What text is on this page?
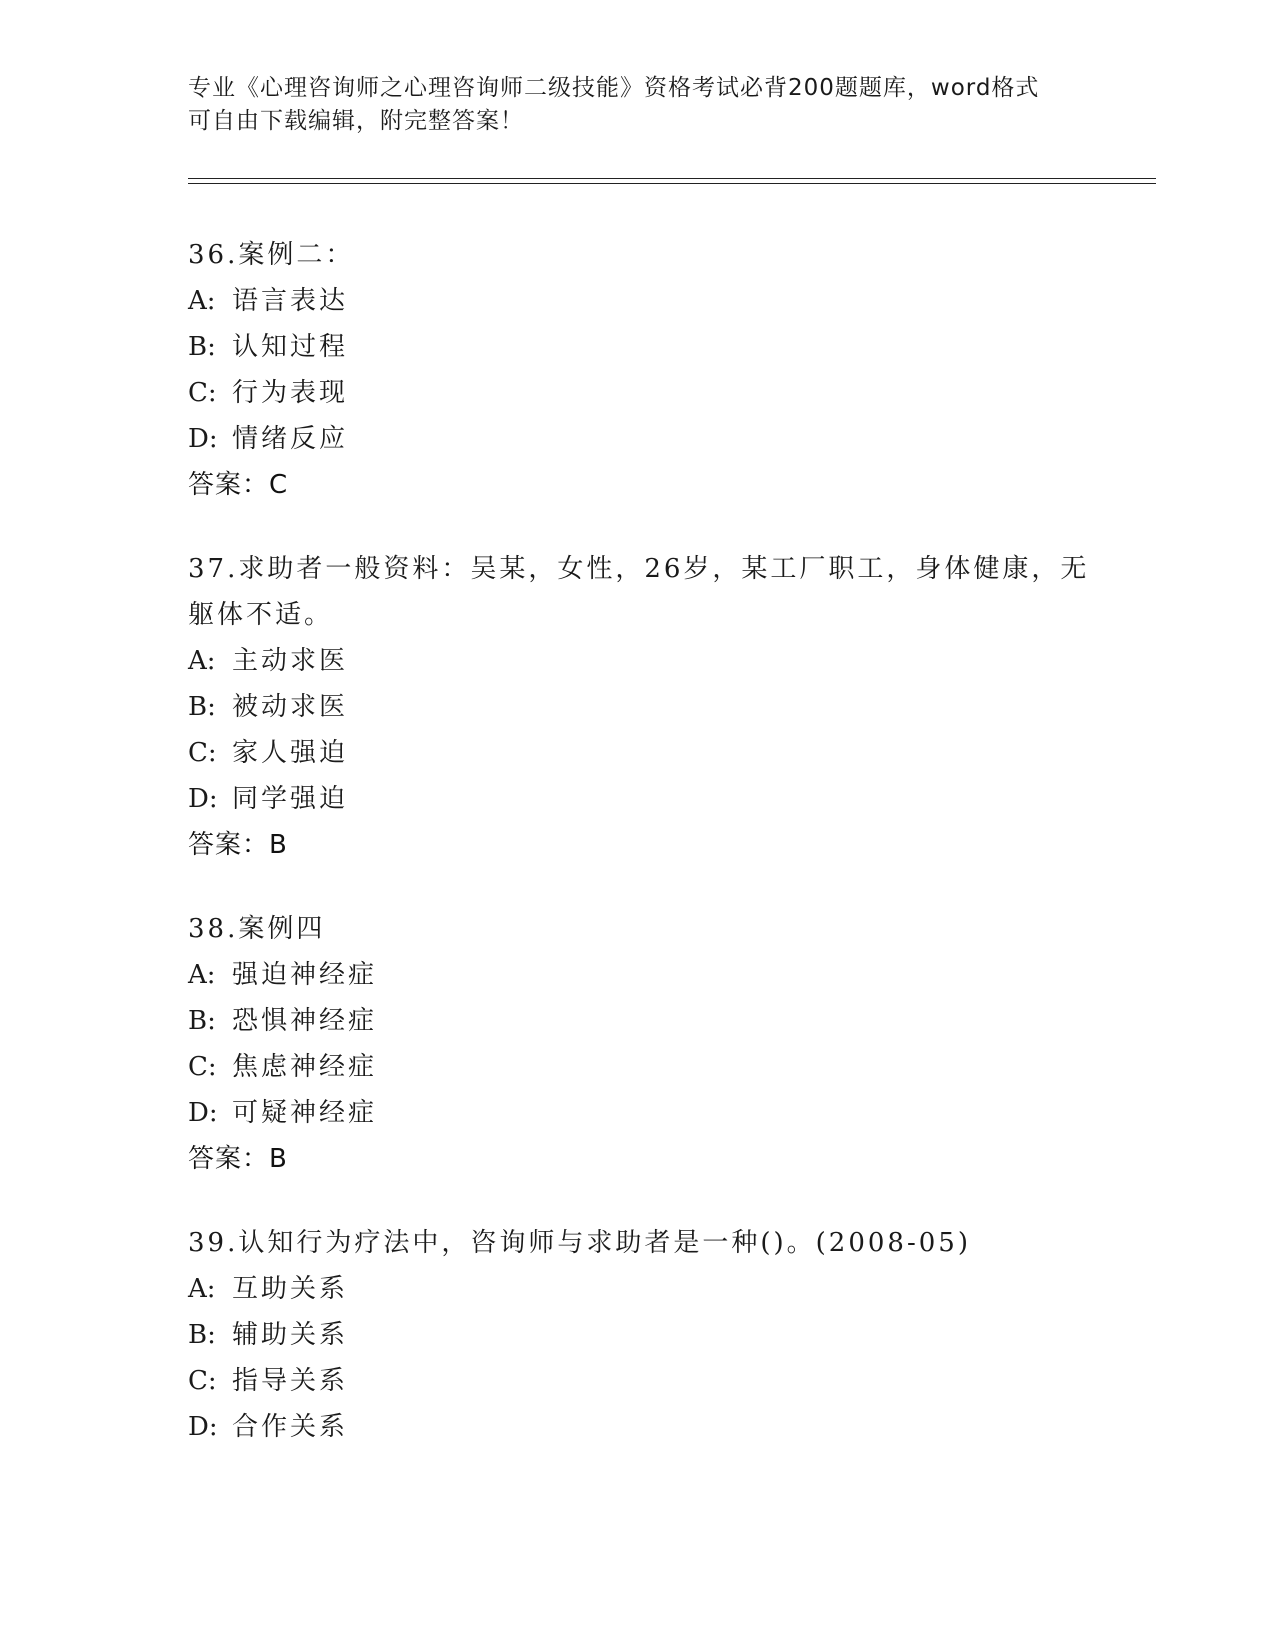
专业《心理咨询师之心理咨询师二级技能》资格考试必背200题题库，word格式
可自由下载编辑，附完整答案！
36.案例二：
A: 语言表达
B: 认知过程
C: 行为表现
D: 情绪反应
答案：C
37.求助者一般资料：吴某，女性，26岁，某工厂职工，身体健康，无
躯体不适。
A: 主动求医
B: 被动求医
C: 家人强迫
D: 同学强迫
答案：B
38.案例四
A: 强迫神经症
B: 恐惧神经症
C: 焦虑神经症
D: 可疑神经症
答案：B
39.认知行为疗法中，咨询师与求助者是一种()。(2008-05)
A: 互助关系
B: 辅助关系
C: 指导关系
D: 合作关系
